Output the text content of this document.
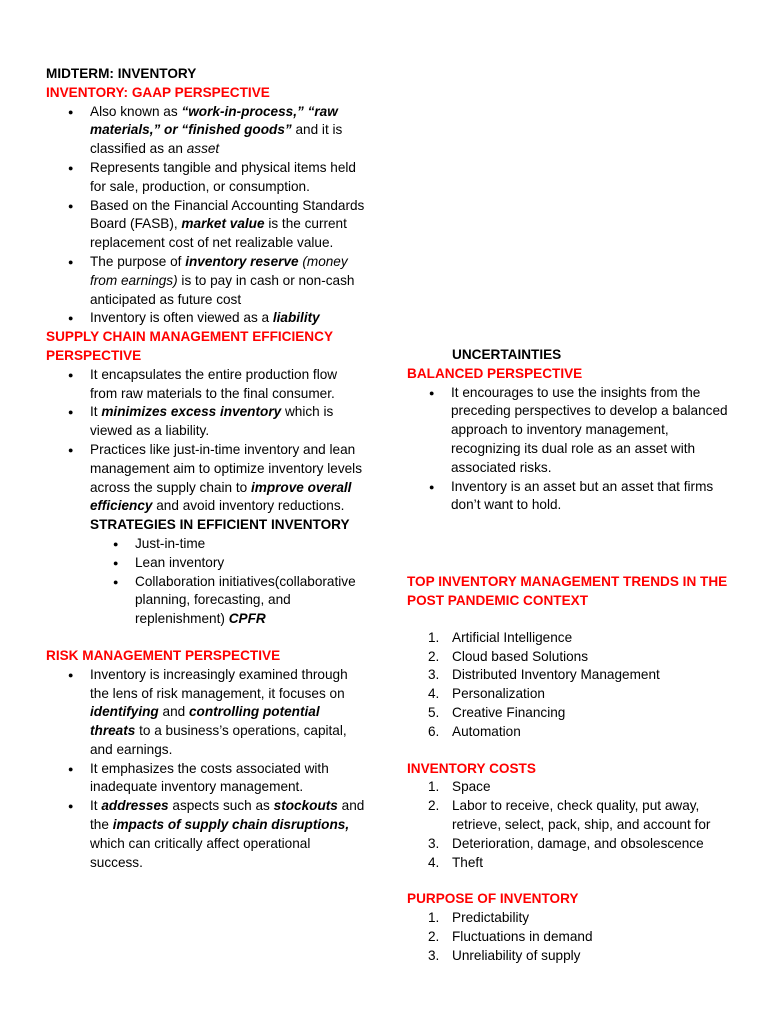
MIDTERM: INVENTORY
INVENTORY: GAAP PERSPECTIVE
● Also known as “work-in-process,” “raw materials,” or “finished goods” and it is classified as an asset
● Represents tangible and physical items held for sale, production, or consumption.
● Based on the Financial Accounting Standards Board (FASB), market value is the current replacement cost of net realizable value.
● The purpose of inventory reserve (money from earnings) is to pay in cash or non-cash anticipated as future cost
● Inventory is often viewed as a liability
SUPPLY CHAIN MANAGEMENT EFFICIENCY PERSPECTIVE
● It encapsulates the entire production flow from raw materials to the final consumer.
● It minimizes excess inventory which is viewed as a liability.
● Practices like just-in-time inventory and lean management aim to optimize inventory levels across the supply chain to improve overall efficiency and avoid inventory reductions.
STRATEGIES IN EFFICIENT INVENTORY
● Just-in-time
● Lean inventory
● Collaboration initiatives(collaborative planning, forecasting, and replenishment) CPFR
RISK MANAGEMENT PERSPECTIVE
● Inventory is increasingly examined through the lens of risk management, it focuses on identifying and controlling potential threats to a business’s operations, capital, and earnings.
● It emphasizes the costs associated with inadequate inventory management.
● It addresses aspects such as stockouts and the impacts of supply chain disruptions, which can critically affect operational success.
UNCERTAINTIES
BALANCED PERSPECTIVE
● It encourages to use the insights from the preceding perspectives to develop a balanced approach to inventory management, recognizing its dual role as an asset with associated risks.
● Inventory is an asset but an asset that firms don’t want to hold.
TOP INVENTORY MANAGEMENT TRENDS IN THE POST PANDEMIC CONTEXT
1. Artificial Intelligence
2. Cloud based Solutions
3. Distributed Inventory Management
4. Personalization
5. Creative Financing
6. Automation
INVENTORY COSTS
1. Space
2. Labor to receive, check quality, put away, retrieve, select, pack, ship, and account for
3. Deterioration, damage, and obsolescence
4. Theft
PURPOSE OF INVENTORY
1. Predictability
2. Fluctuations in demand
3. Unreliability of supply
